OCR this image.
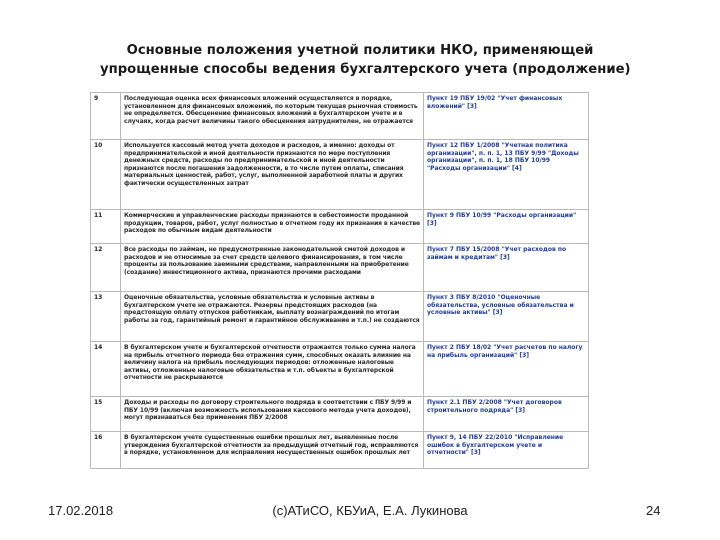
Основные положения учетной политики НКО, применяющей
упрощенные способы ведения бухгалтерского учета (продолжение)
9	Последующая оценка всех финансовых вложений осуществляется в порядке, установленном для финансовых вложений, по которым текущая рыночная стоимость не определяется. Обесценение финансовых вложений в бухгалтерском учете и в случаях, когда расчет величины такого обесценения затруднителен, не отражается	Пункт 19 ПБУ 19/02 "Учет финансовых вложений" [3]
10	Используется кассовый метод учета доходов и расходов, а именно: доходы от предпринимательской и иной деятельности признаются по мере поступления денежных средств, расходы по предпринимательской и иной деятельности признаются после погашения задолженности, в то числе путем оплаты, списания материальных ценностей, работ, услуг, выполненной заработной платы и других фактически осуществленных затрат	Пункт 12 ПБУ 1/2008 "Учетная политика организации", п. п. 1, 13 ПБУ 9/99 "Доходы организации", п. п. 1, 18 ПБУ 10/99 "Расходы организации" [4]
11	Коммерческие и управленческие расходы признаются в себестоимости проданной продукции, товаров, работ, услуг полностью в отчетном году их признания в качестве расходов по обычным видам деятельности	Пункт 9 ПБУ 10/99 "Расходы организации" [3]
12	Все расходы по займам, не предусмотренные законодательной сметой доходов и расходов и не относимые за счет средств целевого финансирования, в том числе проценты за пользование заемными средствами, направленными на приобретение (создание) инвестиционного актива, признаются прочими расходами	Пункт 7 ПБУ 15/2008 "Учет расходов по займам и кредитам" [3]
13	Оценочные обязательства, условные обязательства и условные активы в бухгалтерском учете не отражаются. Резервы предстоящих расходов (на предстоящую оплату отпусков работникам, выплату вознаграждений по итогам работы за год, гарантийный ремонт и гарантийное обслуживание и т.п.) не создаются	Пункт 3 ПБУ 8/2010 "Оценочные обязательства, условные обязательства и условные активы" [3]
14	В бухгалтерском учете и бухгалтерской отчетности отражается только сумма налога на прибыль отчетного периода без отражения сумм, способных оказать влияние на величину налога на прибыль последующих периодов: отложенные налоговые активы, отложенные налоговые обязательства и т.п. объекты в бухгалтерской отчетности не раскрываются	Пункт 2 ПБУ 18/02 "Учет расчетов по налогу на прибыль организаций" [3]
15	Доходы и расходы по договору строительного подряда в соответствии с ПБУ 9/99 и ПБУ 10/99 (включая возможность использования кассового метода учета доходов), могут признаваться без применения ПБУ 2/2008	Пункт 2.1 ПБУ 2/2008 "Учет договоров строительного подряда" [3]
16	В бухгалтерском учете существенные ошибки прошлых лет, выявленные после утверждения бухгалтерской отчетности за предыдущий отчетный год, исправляются в порядке, установленном для исправления несущественных ошибок прошлых лет	Пункт 9, 14 ПБУ 22/2010 "Исправление ошибок в бухгалтерском учете и отчетности" [3]
17.02.2018	(c)АТиСО, КБУиА, Е.А. Лукинова	24
